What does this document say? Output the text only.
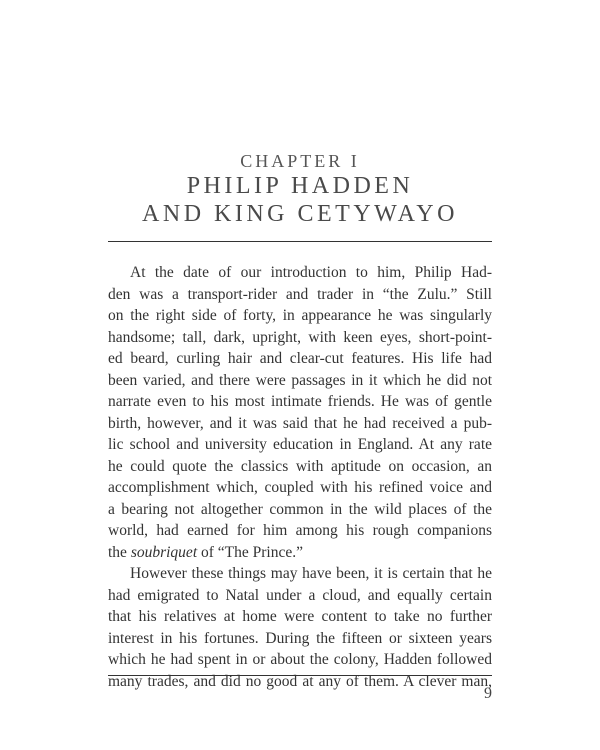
CHAPTER I
PHILIP HADDEN
AND KING CETYWAYO
At the date of our introduction to him, Philip Had-
den was a transport-rider and trader in “the Zulu.” Still
on the right side of forty, in appearance he was singularly
handsome; tall, dark, upright, with keen eyes, short-point-
ed beard, curling hair and clear-cut features. His life had
been varied, and there were passages in it which he did not
narrate even to his most intimate friends. He was of gentle
birth, however, and it was said that he had received a pub-
lic school and university education in England. At any rate
he could quote the classics with aptitude on occasion, an
accomplishment which, coupled with his refined voice and
a bearing not altogether common in the wild places of the
world, had earned for him among his rough companions
the soubriquet of “The Prince.”
However these things may have been, it is certain that he
had emigrated to Natal under a cloud, and equally certain
that his relatives at home were content to take no further
interest in his fortunes. During the fifteen or sixteen years
which he had spent in or about the colony, Hadden followed
many trades, and did no good at any of them. A clever man,
9
